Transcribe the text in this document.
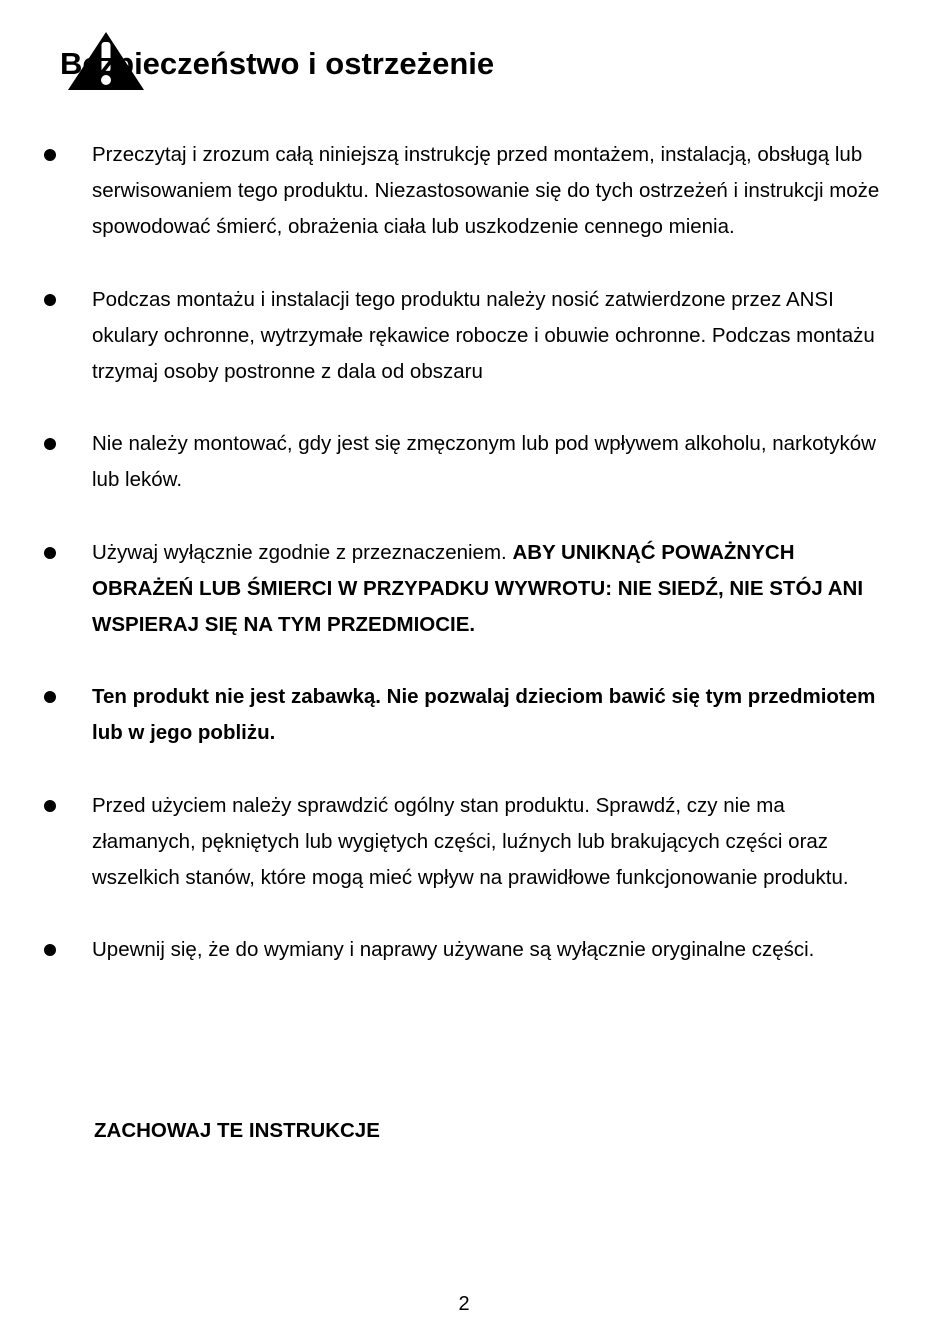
Bezpieczeństwo i ostrzeżenie
Przeczytaj i zrozum całą niniejszą instrukcję przed montażem, instalacją, obsługą lub serwisowaniem tego produktu. Niezastosowanie się do tych ostrzeżeń i instrukcji może spowodować śmierć, obrażenia ciała lub uszkodzenie cennego mienia.
Podczas montażu i instalacji tego produktu należy nosić zatwierdzone przez ANSI okulary ochronne, wytrzymałe rękawice robocze i obuwie ochronne. Podczas montażu trzymaj osoby postronne z dala od obszaru
Nie należy montować, gdy jest się zmęczonym lub pod wpływem alkoholu, narkotyków lub leków.
Używaj wyłącznie zgodnie z przeznaczeniem. ABY UNIKNĄĆ POWAŻNYCH OBRAŻEŃ LUB ŚMIERCI W PRZYPADKU WYWROTU: NIE SIEDŹ, NIE STÓJ ANI WSPIERAJ SIĘ NA TYM PRZEDMIOCIE.
Ten produkt nie jest zabawką. Nie pozwalaj dzieciom bawić się tym przedmiotem lub w jego pobliżu.
Przed użyciem należy sprawdzić ogólny stan produktu. Sprawdź, czy nie ma złamanych, pękniętych lub wygiętych części, luźnych lub brakujących części oraz wszelkich stanów, które mogą mieć wpływ na prawidłowe funkcjonowanie produktu.
Upewnij się, że do wymiany i naprawy używane są wyłącznie oryginalne części.
ZACHOWAJ TE INSTRUKCJE
2
